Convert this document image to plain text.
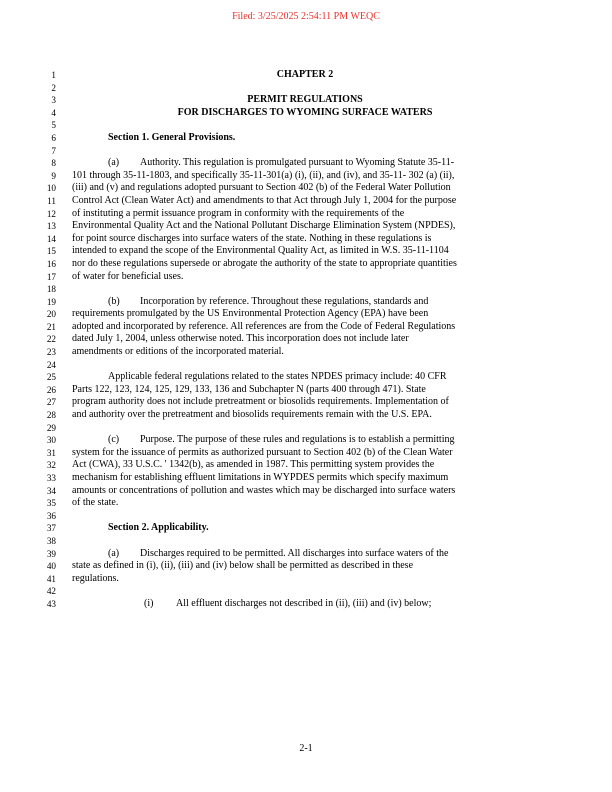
Filed: 3/25/2025 2:54:11 PM WEQC
1	CHAPTER 2
2
3	PERMIT REGULATIONS
4	FOR DISCHARGES TO WYOMING SURFACE WATERS
5
6	Section 1. General Provisions.
7
8	(a) Authority. This regulation is promulgated pursuant to Wyoming Statute 35-11-
9 101 through 35-11-1803, and specifically 35-11-301(a) (i), (ii), and (iv), and 35-11- 302 (a) (ii),
10 (iii) and (v) and regulations adopted pursuant to Section 402 (b) of the Federal Water Pollution
11 Control Act (Clean Water Act) and amendments to that Act through July 1, 2004 for the purpose
12 of instituting a permit issuance program in conformity with the requirements of the
13 Environmental Quality Act and the National Pollutant Discharge Elimination System (NPDES),
14 for point source discharges into surface waters of the state. Nothing in these regulations is
15 intended to expand the scope of the Environmental Quality Act, as limited in W.S. 35-11-1104
16 nor do these regulations supersede or abrogate the authority of the state to appropriate quantities
17 of water for beneficial uses.
18
19	(b) Incorporation by reference. Throughout these regulations, standards and
20 requirements promulgated by the US Environmental Protection Agency (EPA) have been
21 adopted and incorporated by reference. All references are from the Code of Federal Regulations
22 dated July 1, 2004, unless otherwise noted. This incorporation does not include later
23 amendments or editions of the incorporated material.
24
25	Applicable federal regulations related to the states NPDES primacy include: 40 CFR
26 Parts 122, 123, 124, 125, 129, 133, 136 and Subchapter N (parts 400 through 471). State
27 program authority does not include pretreatment or biosolids requirements. Implementation of
28 and authority over the pretreatment and biosolids requirements remain with the U.S. EPA.
29
30	(c) Purpose. The purpose of these rules and regulations is to establish a permitting
31 system for the issuance of permits as authorized pursuant to Section 402 (b) of the Clean Water
32 Act (CWA), 33 U.S.C. ' 1342(b), as amended in 1987. This permitting system provides the
33 mechanism for establishing effluent limitations in WYPDES permits which specify maximum
34 amounts or concentrations of pollution and wastes which may be discharged into surface waters
35 of the state.
36
37	Section 2. Applicability.
38
39	(a) Discharges required to be permitted. All discharges into surface waters of the
40 state as defined in (i), (ii), (iii) and (iv) below shall be permitted as described in these
41 regulations.
42
43	(i) All effluent discharges not described in (ii), (iii) and (iv) below;
2-1
